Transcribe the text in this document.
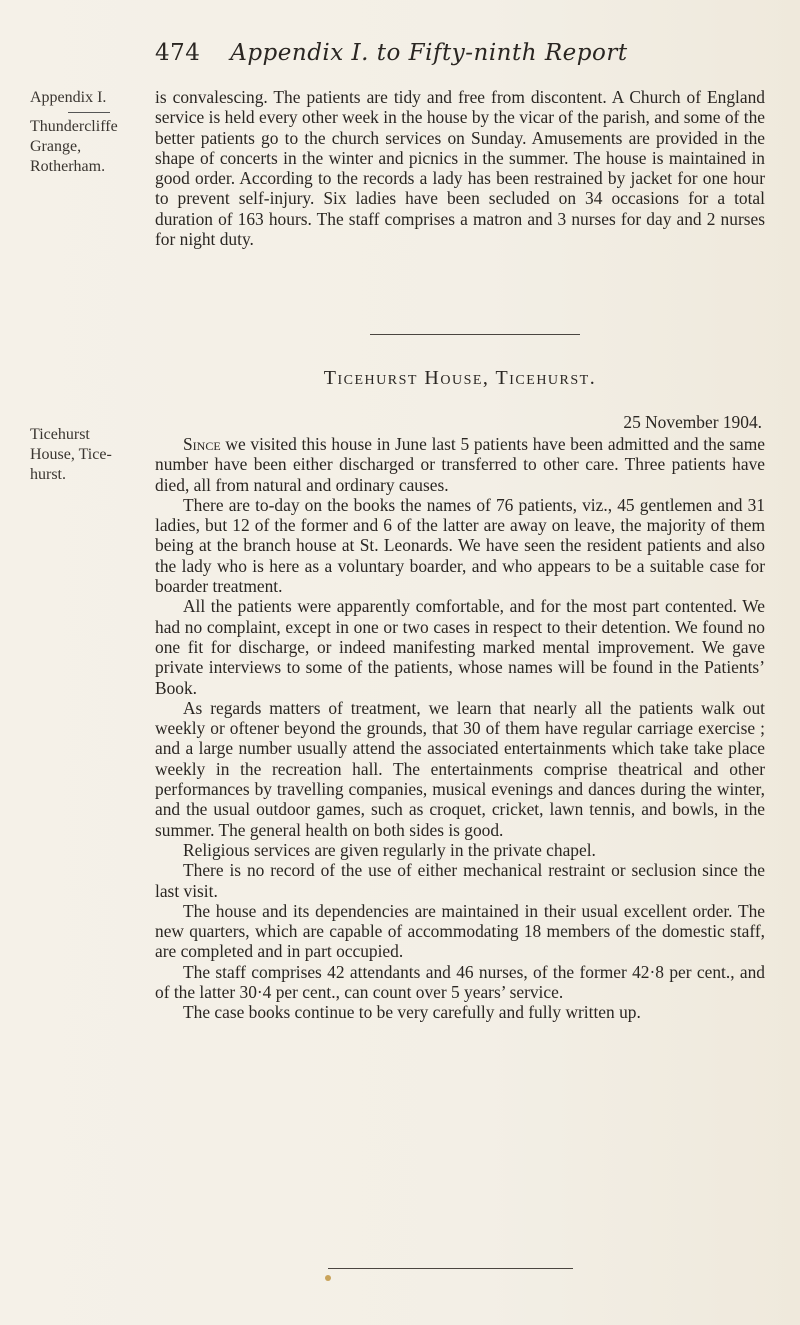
474 Appendix I. to Fifty-ninth Report
Appendix I.
Thundercliffe
Grange,
Rotherham.
is convalescing. The patients are tidy and free from discontent. A Church of England service is held every other week in the house by the vicar of the parish, and some of the better patients go to the church services on Sunday. Amusements are provided in the shape of concerts in the winter and picnics in the summer. The house is maintained in good order. According to the records a lady has been restrained by jacket for one hour to prevent self-injury. Six ladies have been secluded on 34 occasions for a total duration of 163 hours. The staff comprises a matron and 3 nurses for day and 2 nurses for night duty.
Ticehurst House, Ticehurst.
25 November 1904.
Ticehurst
House, Tice-
hurst.

Since we visited this house in June last 5 patients have been admitted and the same number have been either discharged or transferred to other care. Three patients have died, all from natural and ordinary causes.

There are to-day on the books the names of 76 patients, viz., 45 gentlemen and 31 ladies, but 12 of the former and 6 of the latter are away on leave, the majority of them being at the branch house at St. Leonards. We have seen the resident patients and also the lady who is here as a voluntary boarder, and who appears to be a suitable case for boarder treatment.

All the patients were apparently comfortable, and for the most part contented. We had no complaint, except in one or two cases in respect to their detention. We found no one fit for discharge, or indeed manifesting marked mental improvement. We gave private interviews to some of the patients, whose names will be found in the Patients’ Book.

As regards matters of treatment, we learn that nearly all the patients walk out weekly or oftener beyond the grounds, that 30 of them have regular carriage exercise ; and a large number usually attend the associated entertainments which take take place weekly in the recreation hall. The entertainments comprise theatrical and other performances by travelling companies, musical evenings and dances during the winter, and the usual outdoor games, such as croquet, cricket, lawn tennis, and bowls, in the summer. The general health on both sides is good.

Religious services are given regularly in the private chapel.

There is no record of the use of either mechanical restraint or seclusion since the last visit.

The house and its dependencies are maintained in their usual excellent order. The new quarters, which are capable of accommodating 18 members of the domestic staff, are completed and in part occupied.

The staff comprises 42 attendants and 46 nurses, of the former 42·8 per cent., and of the latter 30·4 per cent., can count over 5 years’ service.

The case books continue to be very carefully and fully written up.
